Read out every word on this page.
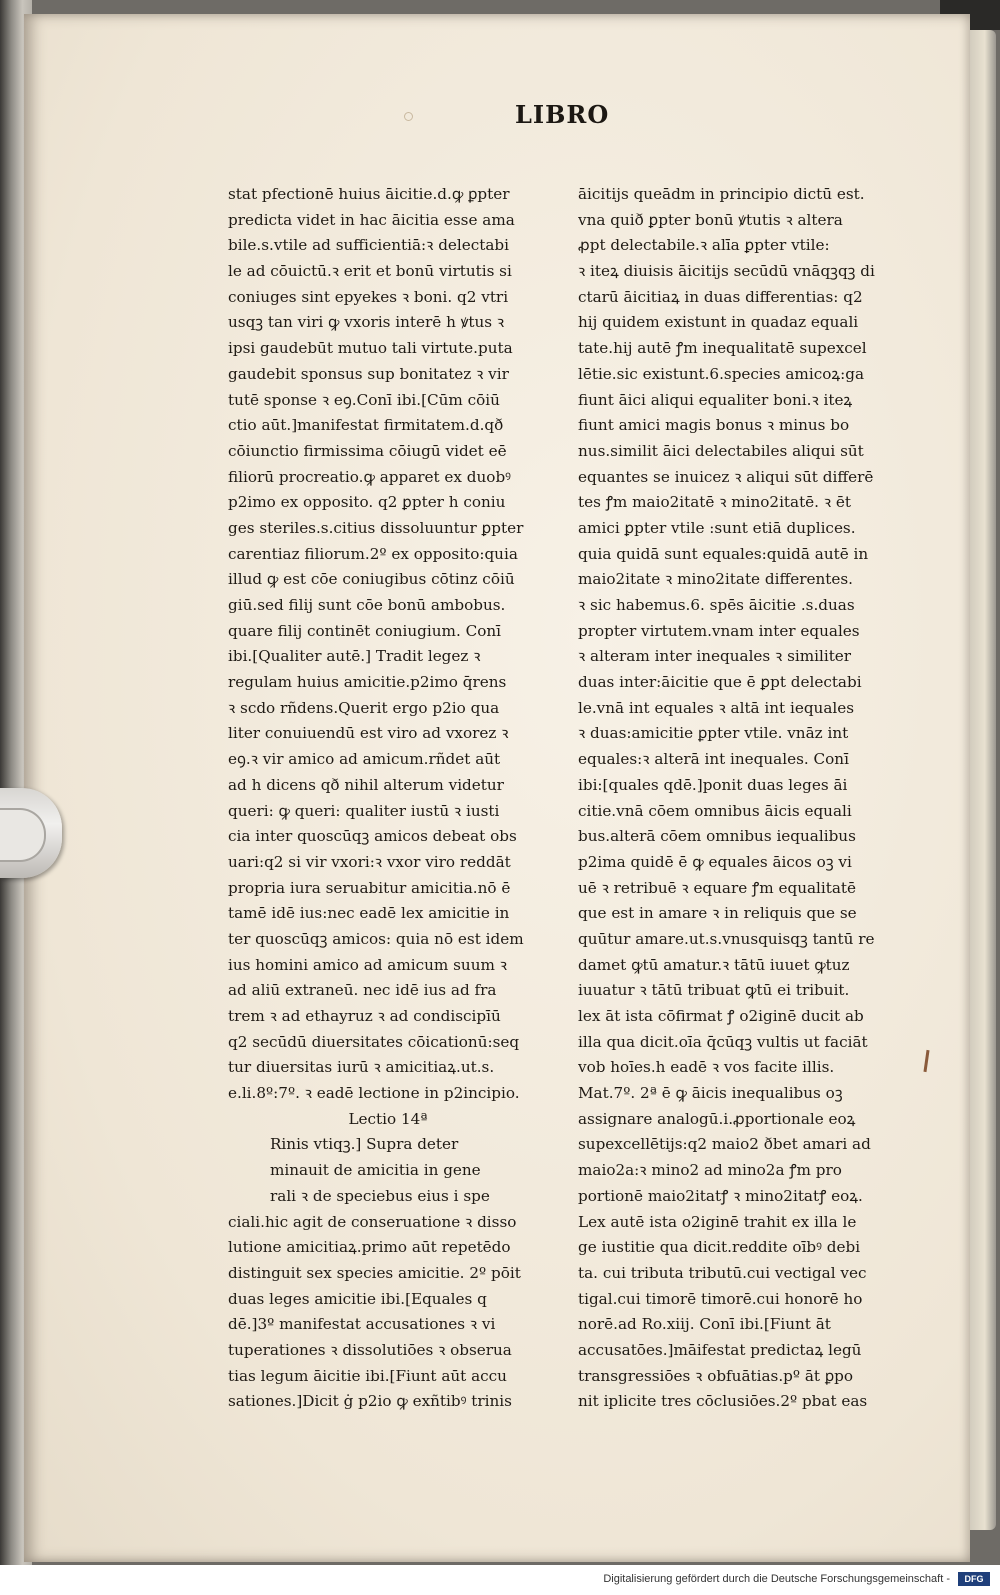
LIBRO
stat pfectionē huius āicitie.d.ꝙ ꝑpter
predicta videt in hac āicitia esse ama
bile.s.vtile ad sufficientiā:ꝛ delectabi
le ad cōuictū.ꝛ erit et bonū virtutis si
coniuges sint epyekes ꝛ boni. q2 vtri
usqꝫ tan viri ꝙ vxoris interē h ꝟtus ꝛ
ipsi gaudebūt mutuo tali virtute.puta
gaudebit sponsus sup bonitatez ꝛ vir
tutē sponse ꝛ eꝯ.Conī ibi.[Cūm cōiū
ctio aūt.]manifestat firmitatem.d.qð
cōiunctio firmissima cōiugū videt eē
filiorū procreatio.ꝙ apparet ex duobꝰ
p2imo ex opposito. q2 ꝑpter h coniu
ges steriles.s.citius dissoluuntur ꝑpter
carentiaz filiorum.2º ex opposito:quia
illud ꝙ est cōe coniugibus cōtinz cōiū
giū.sed filij sunt cōe bonū ambobus.
quare filij continēt coniugium. Conī
ibi.[Qualiter autē.] Tradit legez ꝛ
regulam huius amicitie.p2imo q̄rens
ꝛ scdo rñdens.Querit ergo p2io qua
liter conuiuendū est viro ad vxorez ꝛ
eꝯ.ꝛ vir amico ad amicum.rñdet aūt
ad h dicens qð nihil alterum videtur
queri: ꝙ queri: qualiter iustū ꝛ iusti
cia inter quoscūqꝫ amicos debeat obs
uari:q2 si vir vxori:ꝛ vxor viro reddāt
propria iura seruabitur amicitia.nō ē
tamē idē ius:nec eadē lex amicitie in
ter quoscūqꝫ amicos: quia nō est idem
ius homini amico ad amicum suum ꝛ
ad aliū extraneū. nec idē ius ad fra
trem ꝛ ad ethayruz ꝛ ad condiscipīū
q2 secūdū diuersitates cōicationū:seq
tur diuersitas iurū ꝛ amicitiaꝝ.ut.s.
e.li.8º:7º. ꝛ eadē lectione in p2incipio.
Lectio 14ª
Rinis vtiqꝫ.] Supra deter
minauit de amicitia in gene
rali ꝛ de speciebus eius i spe
ciali.hic agit de conseruatione ꝛ disso
lutione amicitiaꝝ.primo aūt repetēdo
distinguit sex species amicitie. 2º pōit
duas leges amicitie ibi.[Equales q
dē.]3º manifestat accusationes ꝛ vi
tuperationes ꝛ dissolutiōes ꝛ obserua
tias legum āicitie ibi.[Fiunt aūt accu
sationes.]Dicit ġ p2io ꝙ exñtibꝰ trinis
āicitijs queādm in principio dictū est.
vna quið ꝑpter bonū ꝟtutis ꝛ altera
ꝓpt delectabile.ꝛ alīa ꝑpter vtile:
ꝛ iteꝝ diuisis āicitijs secūdū vnāqꝫqꝫ di
ctarū āicitiaꝝ in duas differentias: q2
hij quidem existunt in quadaz equali
tate.hij autē ꝭm inequalitatē supexcel
lētie.sic existunt.6.species amicoꝝ:ga
fiunt āici aliqui equaliter boni.ꝛ iteꝝ
fiunt amici magis bonus ꝛ minus bo
nus.similit āici delectabiles aliqui sūt
equantes se inuicez ꝛ aliqui sūt differē
tes ꝭm maio2itatē ꝛ mino2itatē. ꝛ ēt
amici ꝑpter vtile :sunt etiā duplices.
quia quidā sunt equales:quidā autē in
maio2itate ꝛ mino2itate differentes.
ꝛ sic habemus.6. spēs āicitie .s.duas
propter virtutem.vnam inter equales
ꝛ alteram inter inequales ꝛ similiter
duas inter:āicitie que ē ꝑpt delectabi
le.vnā int equales ꝛ altā int iequales
ꝛ duas:amicitie ꝑpter vtile. vnāz int
equales:ꝛ alterā int inequales. Conī
ibi:[quales qdē.]ponit duas leges āi
citie.vnā cōem omnibus āicis equali
bus.alterā cōem omnibus iequalibus
p2ima quidē ē ꝙ equales āicos oꝫ vi
uē ꝛ retribuē ꝛ equare ꝭm equalitatē
que est in amare ꝛ in reliquis que se
quūtur amare.ut.s.vnusquisqꝫ tantū re
damet ꝙtū amatur.ꝛ tātū iuuet ꝙtuz
iuuatur ꝛ tātū tribuat ꝙtū ei tribuit.
lex āt ista cōfirmat ꝭ o2iginē ducit ab
illa qua dicit.oīa q̄cūqꝫ vultis ut faciāt
vob hoīes.h eadē ꝛ vos facite illis.
Mat.7º. 2ª ē ꝙ āicis inequalibus oꝫ
assignare analogū.i.ꝓportionale eoꝝ
supexcellētijs:q2 maio2 ðbet amari ad
maio2a:ꝛ mino2 ad mino2a ꝭm pro
portionē maio2itatꝭ ꝛ mino2itatꝭ eoꝝ.
Lex autē ista o2iginē trahit ex illa le
ge iustitie qua dicit.reddite oībꝰ debi
ta. cui tributa tributū.cui vectigal vec
tigal.cui timorē timorē.cui honorē ho
norē.ad Ro.xiij. Conī ibi.[Fiunt āt
accusatōes.]māifestat predictaꝝ legū
transgressiōes ꝛ obfuātias.pº āt ꝑpo
nit iplicite tres cōclusiōes.2º pbat eas
Digitalisierung gefördert durch die Deutsche Forschungsgemeinschaft -	DFG
